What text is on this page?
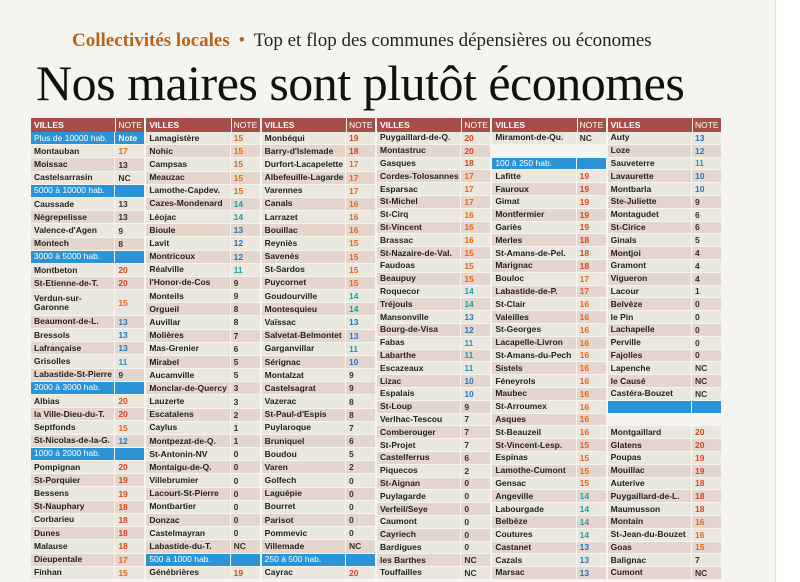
Collectivités locales • Top et flop des communes dépensières ou économes
Nos maires sont plutôt économes
VILLES	NOTE
Plus de 10000 hab.	Note
Montauban	17
Moissac	13
Castelsarrasin	NC
5000 à 10000 hab.
Caussade	13
Nègrepelisse	13
Valence-d'Agen	9
Montech	8
3000 à 5000 hab.
Montbeton	20
St-Etienne-de-T.	20
Verdun-sur-Garonne	15
Beaumont-de-L.	13
Bressols	13
Lafrançaise	13
Grisolles	11
Labastide-St-Pierre 9
2000 à 3000 hab.
Albias	20
la Ville-Dieu-du-T.	20
Septfonds	15
St-Nicolas-de-la-G. 12
1000 à 2000 hab.
Pompignan	20
St-Porquier	19
Bessens	19
St-Nauphary	18
Corbarieu	18
Dunes	18
Malause	18
Dieupentale	17
Finhan	15
VILLES	NOTE
Lamagistère	15
Nohic	15
Campsas	15
Meauzac	15
Lamothe-Capdev.	15
Cazes-Mondenard	14
Léojac	14
Bioule	13
Lavit	12
Montricoux	12
Réalville	11
l'Honor-de-Cos	9
Monteils	9
Orgueil	8
Auvillar	8
Molières	7
Mas-Grenier	6
Mirabel	5
Aucamville	5
Monclar-de-Quercy 3
Lauzerte	3
Escatalens	2
Caylus	1
Montpezat-de-Q.	1
St-Antonin-NV	0
Montaigu-de-Q.	0
Villebrumier	0
Lacourt-St-Pierre	0
Montbartier	0
Donzac	0
Castelmayran	0
Labastide-du-T.	NC
500 à 1000 hab.
Génébrières	19
VILLES	NOTE
Monbéqui	19
Barry-d'Islemade	18
Durfort-Lacapelette 17
Albefeuille-Lagarde 17
Varennes	17
Canals	16
Larrazet	16
Bouillac	16
Reyniès	15
Savenès	15
St-Sardos	15
Puycornet	15
Goudourville	14
Montesquieu	14
Vaïssac	13
Salvetat-Belmontet 13
Garganvillar	11
Sérignac	10
Montalzat	9
Castelsagrat	9
Vazerac	8
St-Paul-d'Espis	8
Puylaroque	7
Bruniquel	6
Boudou	5
Varen	2
Golfech	0
Laguépie	0
Bourret	0
Parisot	0
Pommevic	0
Villemade	NC
250 à 500 hab.
Cayrac	20
VILLES	NOTE
Puygaillard-de-Q.	20
Montastruc	20
Gasques	18
Cordes-Tolosannes 17
Esparsac	17
St-Michel	17
St-Cirq	16
St-Vincent	16
Brassac	16
St-Nazaire-de-Val.	15
Faudoas	15
Beaupuy	15
Roquecor	14
Tréjouls	14
Mansonville	13
Bourg-de-Visa	12
Fabas	11
Labarthe	11
Escazeaux	11
Lizac	10
Espalais	10
St-Loup	9
Verlhac-Tescou	7
Comberouger	7
St-Projet	7
Castelferrus	6
Piquecos	2
St-Aignan	0
Puylagarde	0
Verfeil/Seye	0
Caumont	0
Cayriech	0
Bardigues	0
les Barthes	NC
Touffailles	NC
VILLES	NOTE
Miramont-de-Qu.	NC
100 à 250 hab.
Lafitte	19
Fauroux	19
Gimat	19
Montfermier	19
Gariès	19
Merles	18
St-Amans-de-Pel.	18
Marignac	18
Bouloc	17
Labastide-de-P.	17
St-Clair	16
Valeilles	16
St-Georges	16
Lacapelle-Livron	16
St-Amans-du-Pech 16
Sistels	16
Féneyrols	16
Maubec	16
St-Arroumex	16
Asques	16
St-Beauzeil	16
St-Vincent-Lesp.	15
Espinas	15
Lamothe-Cumont	15
Gensac	15
Angeville	14
Labourgade	14
Belbèze	14
Coutures	14
Castanet	13
Cazals	13
Marsac	13
VILLES	NOTE
Auty	13
Loze	12
Sauveterre	11
Lavaurette	10
Montbarla	10
Ste-Juliette	9
Montagudet	6
St-Cirice	6
Ginals	5
Montjoi	4
Gramont	4
Vigueron	4
Lacour	1
Belvèze	0
le Pin	0
Lachapelle	0
Perville	0
Fajolles	0
Lapenche	NC
le Causé	NC
Castéra-Bouzet	NC
Montgaillard	20
Glatens	20
Poupas	19
Mouillac	19
Auterive	18
Puygaillard-de-L.	18
Maumusson	18
Montain	16
St-Jean-du-Bouzet	16
Goas	15
Balignac	7
Cumont	NC
